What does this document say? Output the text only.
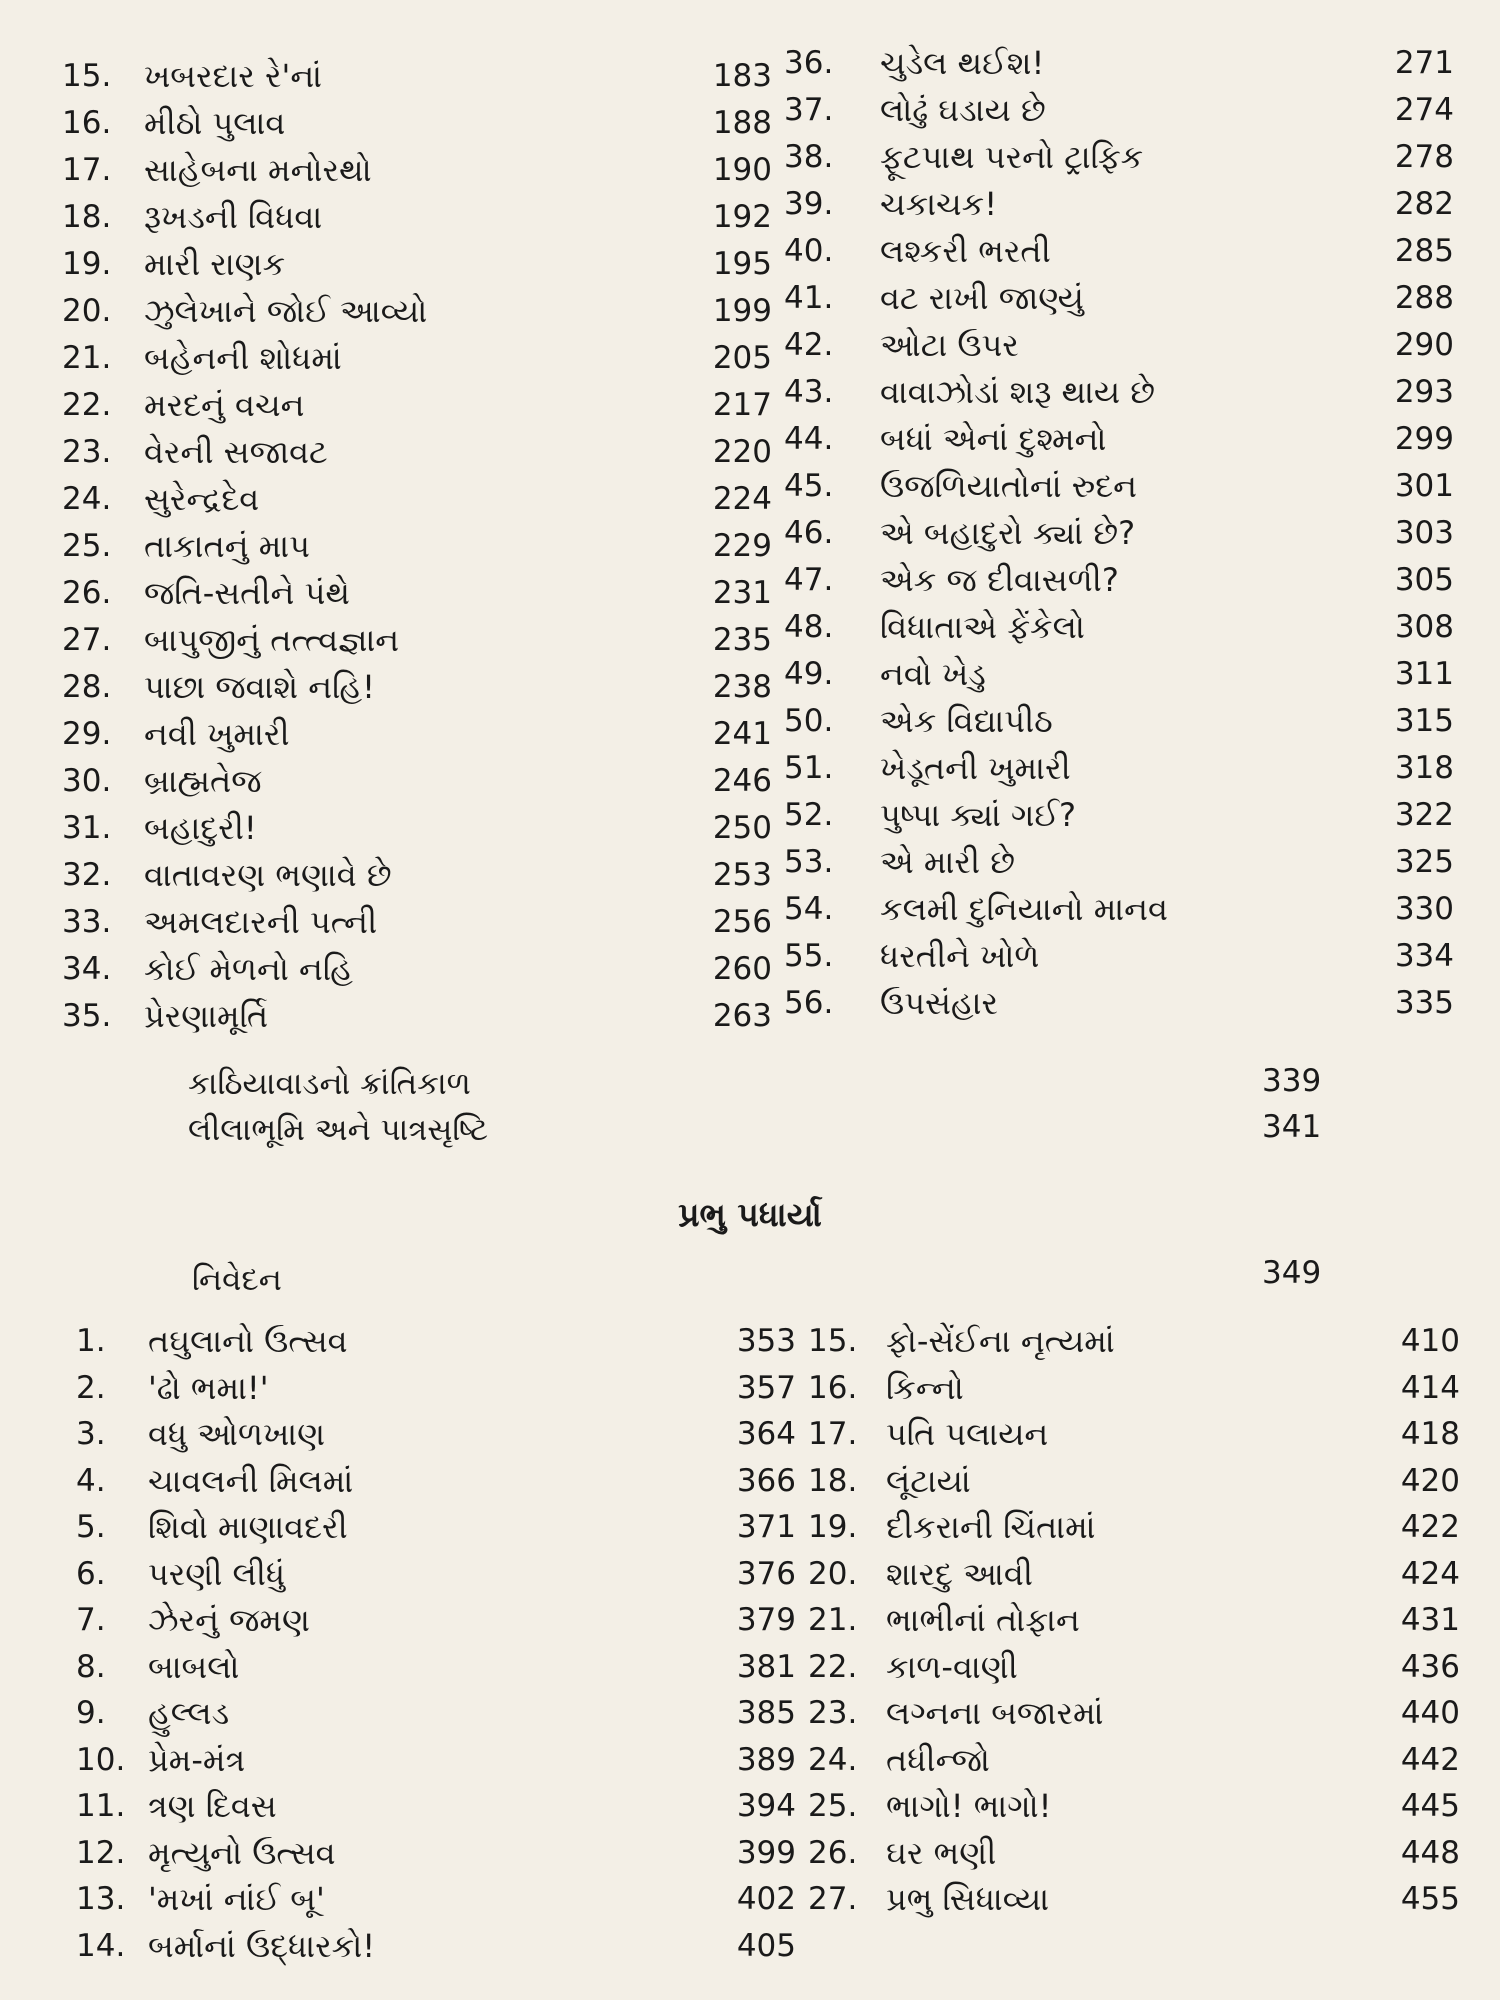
15. ખબરદાર રે'નાં	183
16. મીઠો પુલાવ	188
17. સાહેબના મનોરથો	190
18. રૂખડની વિધવા	192
19. મારી રાણક	195
20. ઝુલેખાને જોઈ આવ્યો	199
21. બહેનની શોધમાં	205
22. મરદનું વચન	217
23. વેરની સજાવટ	220
24. સુરેન્દ્રદેવ	224
25. તાકાતનું માપ	229
26. જતિ-સતીને પંથે	231
27. બાપુજીનું તત્ત્વજ્ઞાન	235
28. પાછા જવાશે નહિ!	238
29. નવી ખુમારી	241
30. બ્રાહ્મતેજ	246
31. બહાદુરી!	250
32. વાતાવરણ ભણાવે છે	253
33. અમલદારની પત્ની	256
34. કોઈ મેળનો નહિ	260
35. પ્રેરણામૂર્તિ	263
36. ચુડેલ થઈશ!	271
37. લોઢું ઘડાય છે	274
38. ફૂટપાથ પરનો ટ્રાફિક	278
39. ચકાચક!	282
40. લશ્કરી ભરતી	285
41. વટ રાખી જાણ્યું	288
42. ઓટા ઉપર	290
43. વાવાઝોડાં શરૂ થાય છે	293
44. બધાં એનાં દુશ્મનો	299
45. ઉજળિયાતોનાં રુદન	301
46. એ બહાદુરો ક્યાં છે?	303
47. એક જ દીવાસળી?	305
48. વિધાતાએ ફેંકેલો	308
49. નવો ખેડુ	311
50. એક વિદ્યાપીઠ	315
51. ખેડૂતની ખુમારી	318
52. પુષ્પા ક્યાં ગઈ?	322
53. એ મારી છે	325
54. કલમી દુનિયાનો માનવ	330
55. ધરતીને ખોળે	334
56. ઉપસંહાર	335
કાઠિયાવાડનો ક્રાંતિકાળ	339
લીલાભૂમિ અને પાત્રસૃષ્ટિ	341
પ્રભુ પધાર્યા
નિવેદન	349
1. તઘુલાનો ઉત્સવ	353
2. 'ઢો ભમા!'	357
3. વધુ ઓળખાણ	364
4. ચાવલની મિલમાં	366
5. શિવો માણાવદરી	371
6. પરણી લીધું	376
7. ઝેરનું જમણ	379
8. બાબલો	381
9. હુલ્લડ	385
10. પ્રેમ-મંત્ર	389
11. ત્રણ દિવસ	394
12. મૃત્યુનો ઉત્સવ	399
13. 'મખાં નાંઈ બૂ'	402
14. બર્માનાં ઉદ્ધારકો!	405
15. ફો-સેંઈના નૃત્યમાં	410
16. કિન્નો	414
17. પતિ પલાયન	418
18. લૂંટાયાં	420
19. દીકરાની ચિંતામાં	422
20. શારદુ આવી	424
21. ભાભીનાં તોફાન	431
22. કાળ-વાણી	436
23. લગ્નના બજારમાં	440
24. તધીન્જો	442
25. ભાગો! ભાગો!	445
26. ઘર ભણી	448
27. પ્રભુ સિધાવ્યા	455
